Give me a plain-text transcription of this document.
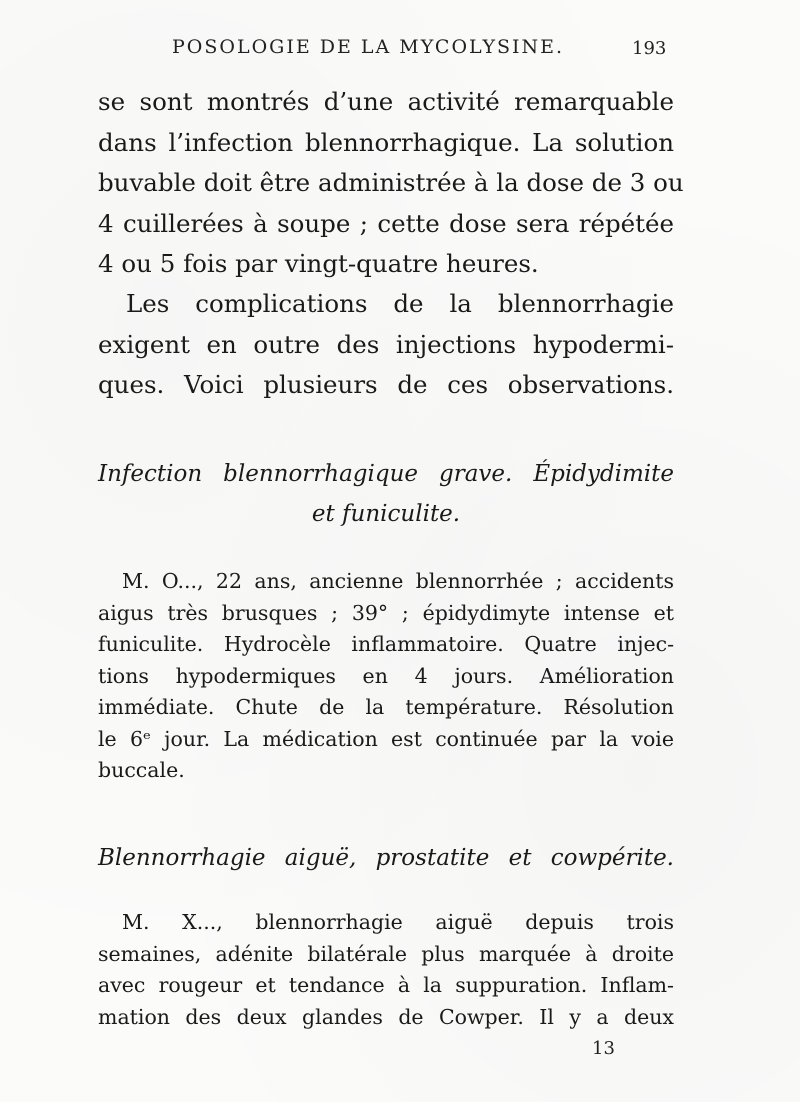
POSOLOGIE DE LA MYCOLYSINE.	193
se sont montrés d’une activité remarquable
dans l’infection blennorrhagique. La solution
buvable doit être administrée à la dose de 3 ou
4 cuillerées à soupe ; cette dose sera répétée
4 ou 5 fois par vingt-quatre heures.
Les complications de la blennorrhagie
exigent en outre des injections hypodermi-
ques. Voici plusieurs de ces observations.
Infection blennorrhagique grave. Épidydimite
et funiculite.
M. O..., 22 ans, ancienne blennorrhée ; accidents
aigus très brusques ; 39° ; épidydimyte intense et
funiculite. Hydrocèle inflammatoire. Quatre injec-
tions hypodermiques en 4 jours. Amélioration
immédiate. Chute de la température. Résolution
le 6ᵉ jour. La médication est continuée par la voie
buccale.
Blennorrhagie aiguë, prostatite et cowpérite.
M. X..., blennorrhagie aiguë depuis trois
semaines, adénite bilatérale plus marquée à droite
avec rougeur et tendance à la suppuration. Inflam-
mation des deux glandes de Cowper. Il y a deux
13
